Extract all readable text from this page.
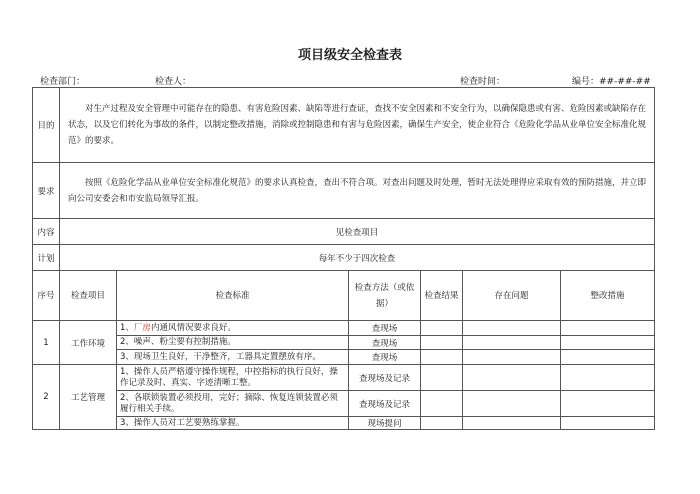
项目级安全检查表
检查部门：	检查人：	检查时间：	编号：##-##-##
目的	对生产过程及安全管理中可能存在的隐患、有害危险因素、缺陷等进行查证，查找不安全因素和不安全行为，以确保隐患或有害、危险因素或缺陷存在状态，以及它们转化为事故的条件，以制定整改措施，消除或控制隐患和有害与危险因素，确保生产安全，使企业符合《危险化学品从业单位安全标准化规范》的要求。					
要求	按照《危险化学品从业单位安全标准化规范》的要求认真检查，查出不符合项。对查出问题及时处理，暂时无法处理得应采取有效的预防措施，并立即向公司安委会和市安监局领导汇报。					
内容	见检查项目					
计划	每年不少于四次检查					
序号	检查项目	检查标准	检查方法（或依据）	检查结果	存在问题	整改措施
1	工作环境	1、厂房内通风情况要求良好。	查现场			
		2、噪声、粉尘要有控制措施。	查现场			
		3、现场卫生良好，干净整齐，工器具定置摆放有序。	查现场			
2	工艺管理	1、操作人员严格遵守操作规程，中控指标的执行良好，操作记录及时、真实、字迹清晰工整。	查现场及记录			
		2、各联锁装置必须投用，完好；摘除、恢复连锁装置必须履行相关手续。	查现场及记录			
		3、操作人员对工艺要熟练掌握。	现场提问			
